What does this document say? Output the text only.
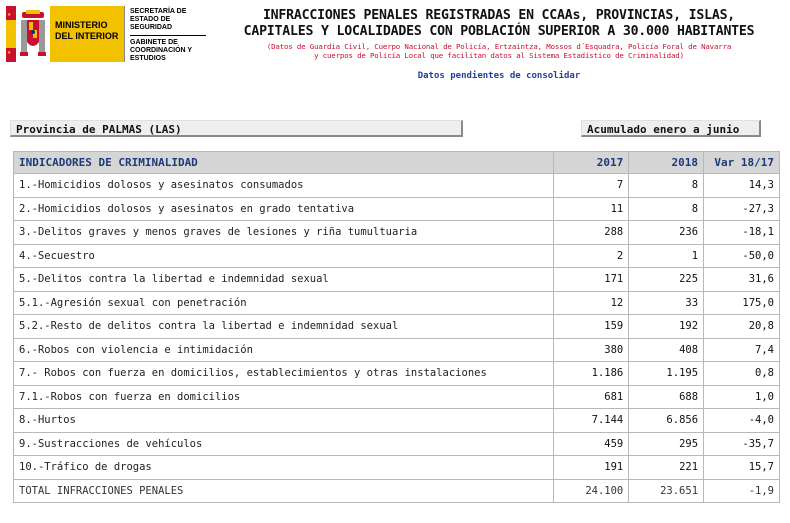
★
★
MINISTERIO DEL INTERIOR
SECRETARÍA DE ESTADO DE SEGURIDAD
GABINETE DE COORDINACIÓN Y ESTUDIOS
INFRACCIONES PENALES REGISTRADAS EN CCAAs, PROVINCIAS, ISLAS,
CAPITALES Y LOCALIDADES CON POBLACIÓN SUPERIOR A 30.000 HABITANTES
(Datos de Guardia Civil, Cuerpo Nacional de Policía, Ertzaintza, Mossos d´Esquadra, Policía Foral de Navarra
y cuerpos de Policía Local que facilitan datos al Sistema Estadístico de Criminalidad)
Datos pendientes de consolidar
Provincia de PALMAS (LAS)	Acumulado enero a junio
INDICADORES DE CRIMINALIDAD	2017	2018	Var 18/17
1.-Homicidios dolosos y asesinatos consumados	7	8	14,3
2.-Homicidios dolosos y asesinatos en grado tentativa	11	8	-27,3
3.-Delitos graves y menos graves de lesiones y riña tumultuaria	288	236	-18,1
4.-Secuestro	2	1	-50,0
5.-Delitos contra la libertad e indemnidad sexual	171	225	31,6
5.1.-Agresión sexual con penetración	12	33	175,0
5.2.-Resto de delitos contra la libertad e indemnidad sexual	159	192	20,8
6.-Robos con violencia e intimidación	380	408	7,4
7.- Robos con fuerza en domicilios, establecimientos y otras instalaciones	1.186	1.195	0,8
7.1.-Robos con fuerza en domicilios	681	688	1,0
8.-Hurtos	7.144	6.856	-4,0
9.-Sustracciones de vehículos	459	295	-35,7
10.-Tráfico de drogas	191	221	15,7
TOTAL INFRACCIONES PENALES	24.100	23.651	-1,9
